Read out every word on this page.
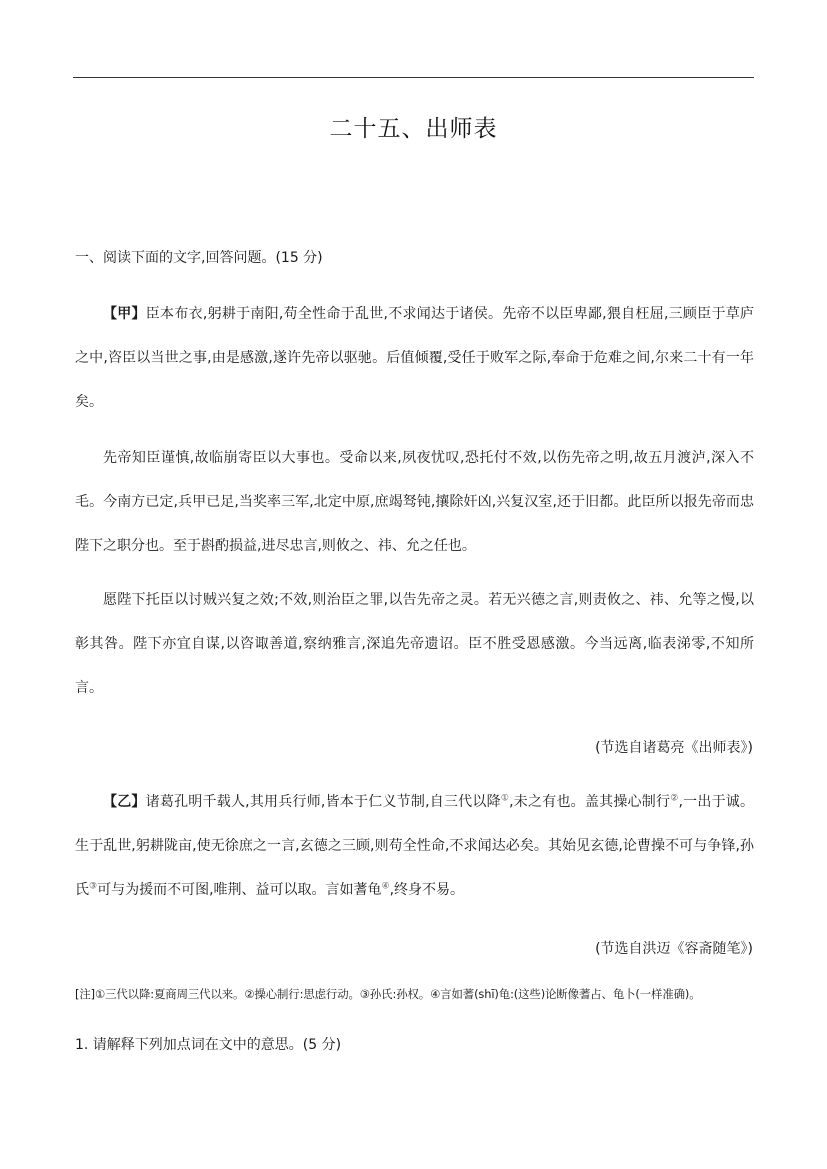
二十五、出师表
一、阅读下面的文字,回答问题。(15 分)

【甲】臣本布衣,躬耕于南阳,苟全性命于乱世,不求闻达于诸侯。先帝不以臣卑鄙,猥自枉屈,三顾臣于草庐之中,咨臣以当世之事,由是感激,遂许先帝以驱驰。后值倾覆,受任于败军之际,奉命于危难之间,尔来二十有一年矣。

先帝知臣谨慎,故临崩寄臣以大事也。受命以来,夙夜忧叹,恐托付不效,以伤先帝之明,故五月渡泸,深入不毛。今南方已定,兵甲已足,当奖率三军,北定中原,庶竭驽钝,攘除奸凶,兴复汉室,还于旧都。此臣所以报先帝而忠陛下之职分也。至于斟酌损益,进尽忠言,则攸之、祎、允之任也。

愿陛下托臣以讨贼兴复之效;不效,则治臣之罪,以告先帝之灵。若无兴德之言,则责攸之、祎、允等之慢,以彰其咎。陛下亦宜自谋,以咨诹善道,察纳雅言,深追先帝遗诏。臣不胜受恩感激。今当远离,临表涕零,不知所言。

(节选自诸葛亮《出师表》)

【乙】诸葛孔明千载人,其用兵行师,皆本于仁义节制,自三代以降①,未之有也。盖其操心制行②,一出于诚。生于乱世,躬耕陇亩,使无徐庶之一言,玄德之三顾,则苟全性命,不求闻达必矣。其始见玄德,论曹操不可与争锋,孙氏③可与为援而不可图,唯荆、益可以取。言如蓍龟④,终身不易。

(节选自洪迈《容斋随笔》)
[注]①三代以降:夏商周三代以来。②操心制行:思虑行动。③孙氏:孙权。④言如蓍(shī)龟:(这些)论断像蓍占、龟卜(一样准确)。
1. 请解释下列加点词在文中的意思。(5 分)
